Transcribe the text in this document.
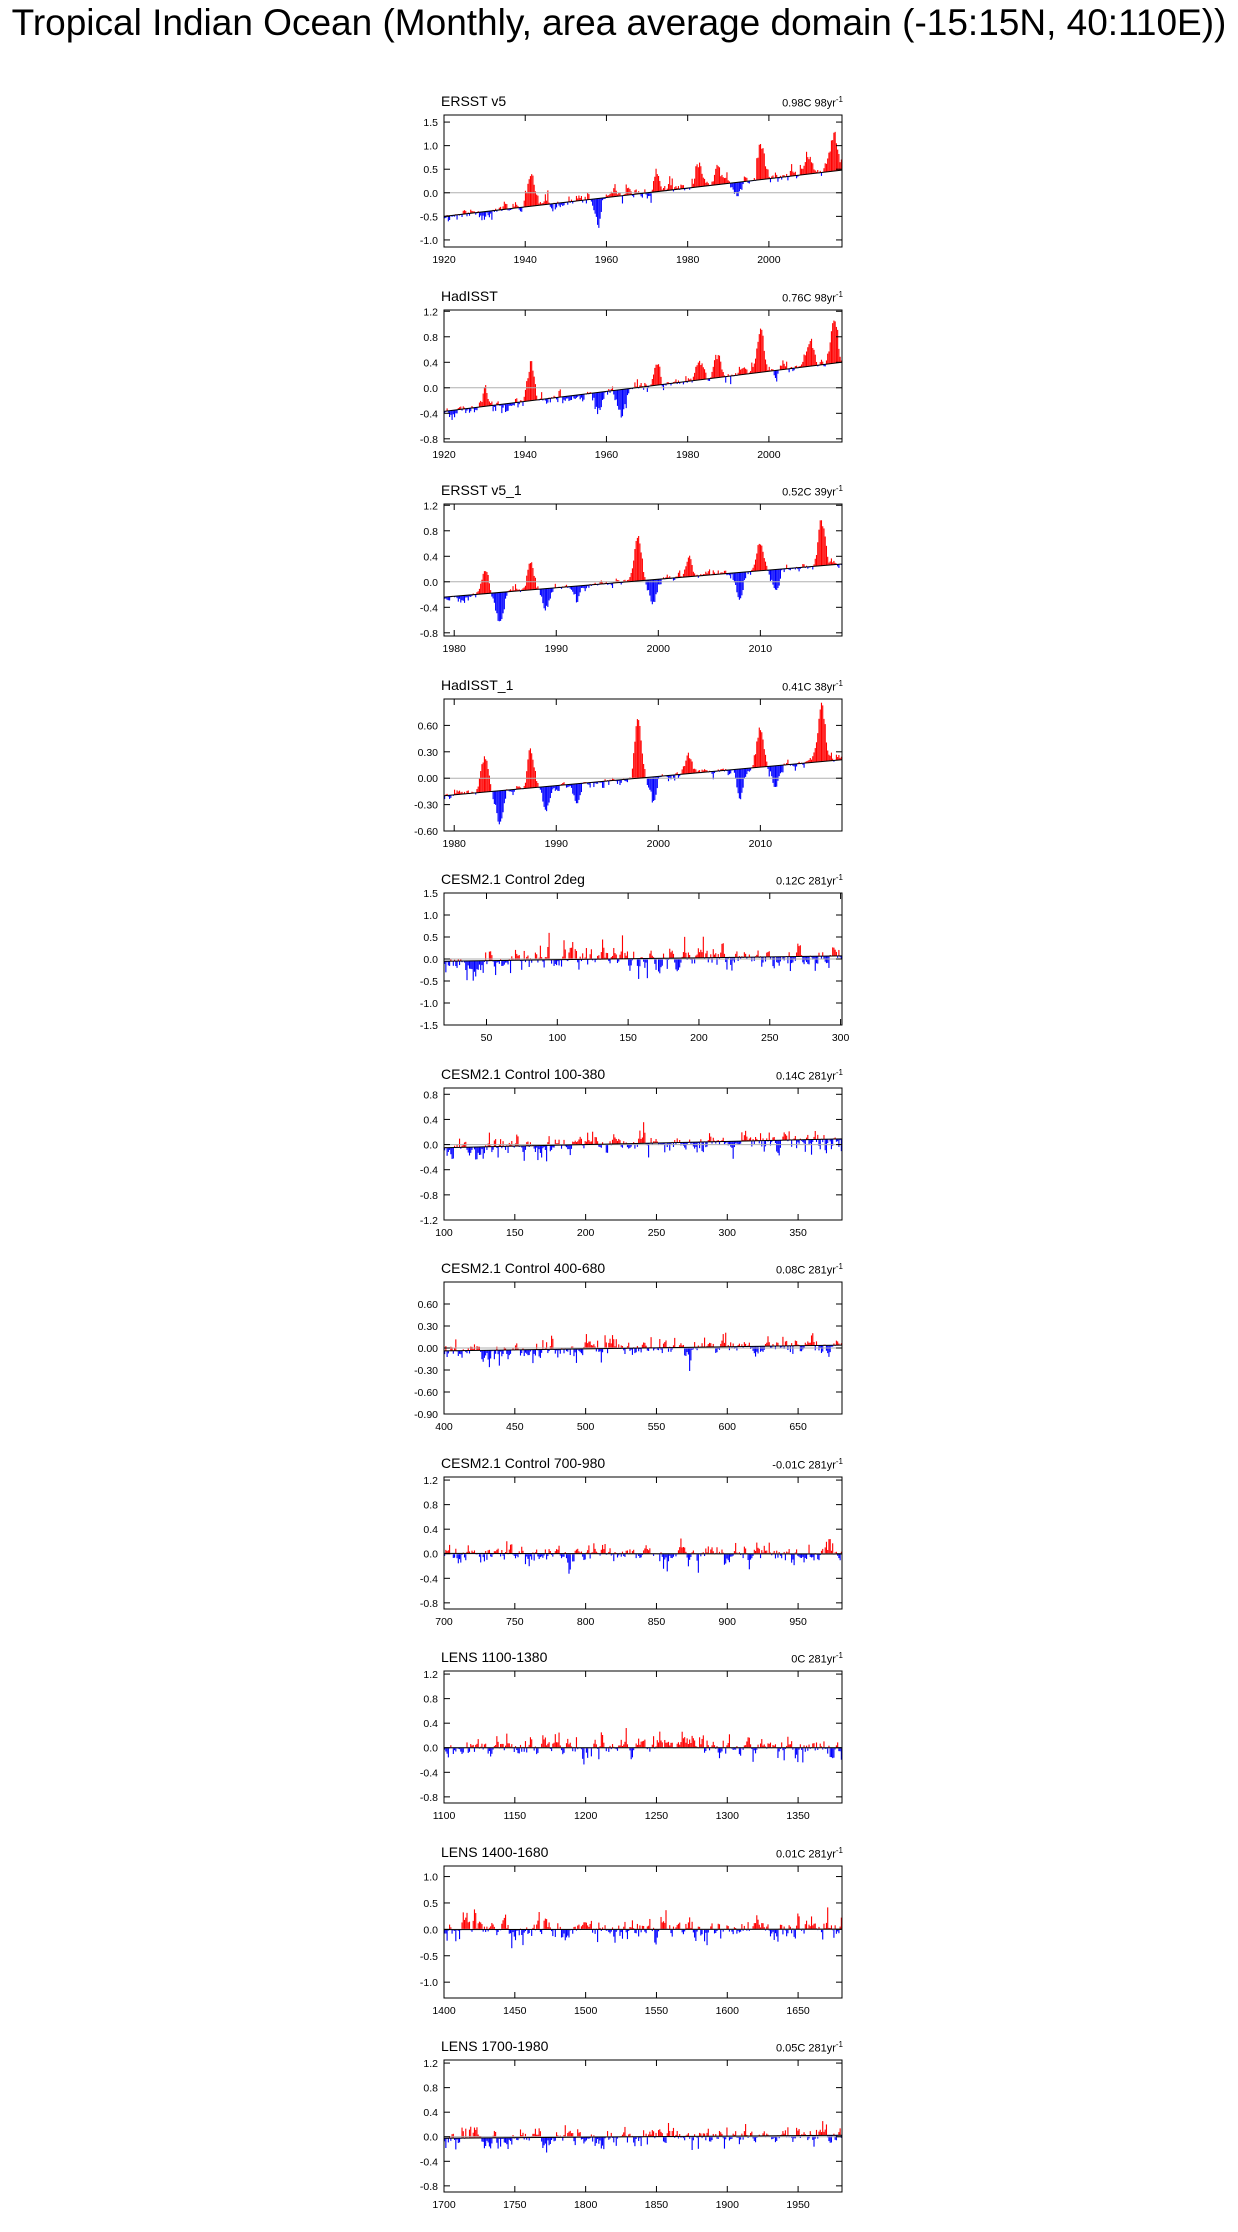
Tropical Indian Ocean (Monthly, area average domain (-15:15N, 40:110E))
ERSST v5	0.98C $98yr^{-1}$
1920	1940	1960	1980	2000
1.5
1.0
0.5
0.0
-0.5
-1.0
HadISST	0.76C $98yr^{-1}$
1920	1940	1960	1980	2000
1.2
0.8
0.4
0.0
-0.4
-0.8
ERSST v5_1	0.52C $39yr^{-1}$
1980	1990	2000	2010
1.2
0.8
0.4
0.0
-0.4
-0.8
HadISST_1	0.41C $38yr^{-1}$
1980	1990	2000	2010
0.60
0.30
0.00
-0.30
-0.60
CESM2.1 Control 2deg	0.12C $281yr^{-1}$
50	100	150	200	250	300
1.5
1.0
0.5
0.0
-0.5
-1.0
-1.5
CESM2.1 Control 100-380	0.14C $281yr^{-1}$
100	150	200	250	300	350
0.8
0.4
0.0
-0.4
-0.8
-1.2
CESM2.1 Control 400-680	0.08C $281yr^{-1}$
400	450	500	550	600	650
0.60
0.30
0.00
-0.30
-0.60
-0.90
CESM2.1 Control 700-980	-0.01C $281yr^{-1}$
700	750	800	850	900	950
1.2
0.8
0.4
0.0
-0.4
-0.8
LENS 1100-1380	0C $281yr^{-1}$
1100	1150	1200	1250	1300	1350
1.2
0.8
0.4
0.0
-0.4
-0.8
LENS 1400-1680	0.01C $281yr^{-1}$
1400	1450	1500	1550	1600	1650
1.0
0.5
0.0
-0.5
-1.0
LENS 1700-1980	0.05C $281yr^{-1}$
1700	1750	1800	1850	1900	1950
1.2
0.8
0.4
0.0
-0.4
-0.8
